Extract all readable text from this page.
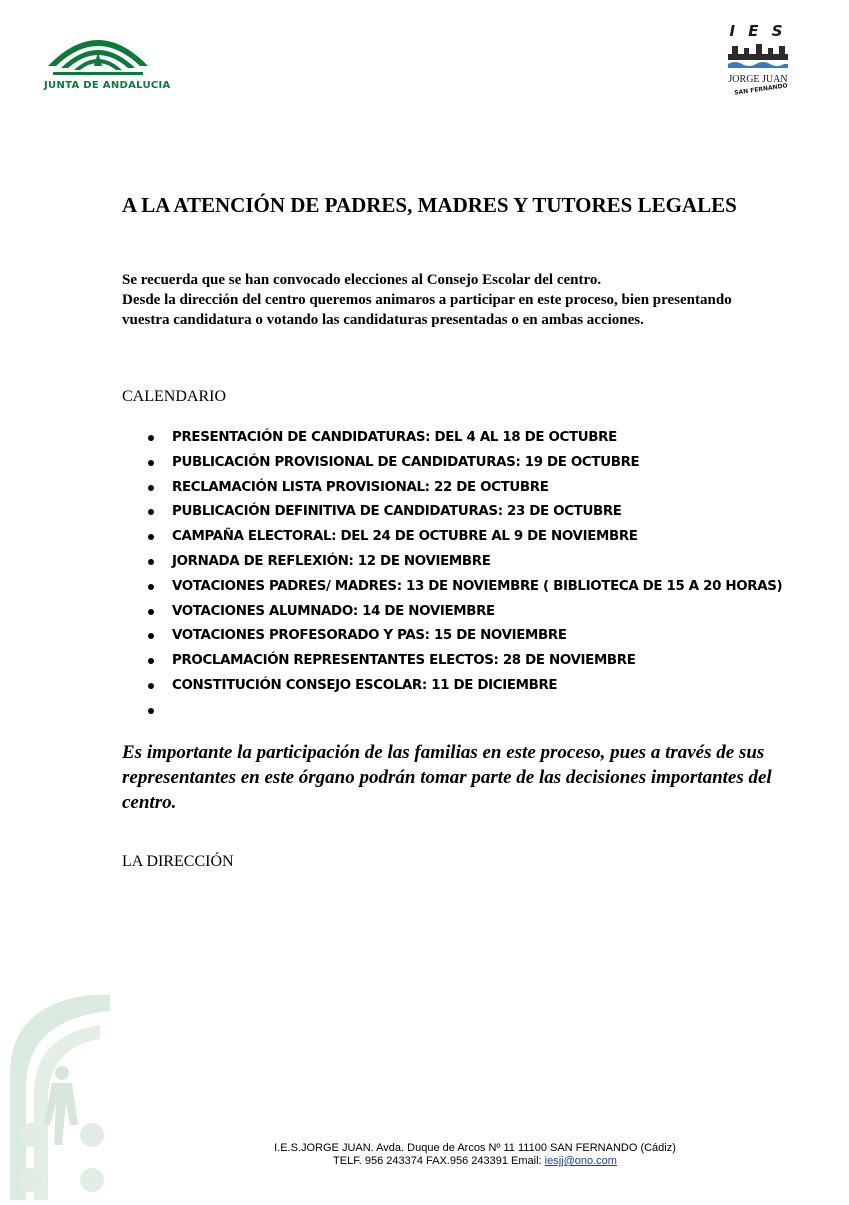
JUNTA DE ANDALUCIA
I E S
JORGE JUAN
SAN FERNANDO
A LA ATENCIÓN DE PADRES, MADRES Y TUTORES LEGALES

Se recuerda que se han convocado elecciones al Consejo Escolar del centro.

Desde la dirección del centro queremos animaros a participar en este proceso, bien presentando vuestra candidatura o votando las candidaturas presentadas o en ambas acciones.

CALENDARIO
PRESENTACIÓN DE CANDIDATURAS: DEL 4 AL 18 DE OCTUBRE
PUBLICACIÓN PROVISIONAL DE CANDIDATURAS: 19 DE OCTUBRE
RECLAMACIÓN LISTA PROVISIONAL: 22 DE OCTUBRE
PUBLICACIÓN DEFINITIVA DE CANDIDATURAS: 23 DE OCTUBRE
CAMPAÑA ELECTORAL: DEL 24 DE OCTUBRE AL 9 DE NOVIEMBRE
JORNADA DE REFLEXIÓN: 12 DE NOVIEMBRE
VOTACIONES PADRES/ MADRES: 13 DE NOVIEMBRE ( BIBLIOTECA DE 15 A 20 HORAS)
VOTACIONES ALUMNADO: 14 DE NOVIEMBRE
VOTACIONES PROFESORADO Y PAS: 15 DE NOVIEMBRE
PROCLAMACIÓN REPRESENTANTES ELECTOS: 28 DE NOVIEMBRE
CONSTITUCIÓN CONSEJO ESCOLAR: 11 DE DICIEMBRE
Es importante la participación de las familias en este proceso, pues a través de sus representantes en este órgano podrán tomar parte de las decisiones importantes del centro.
LA DIRECCIÓN
I.E.S.JORGE JUAN. Avda. Duque de Arcos Nº 11 11100 SAN FERNANDO (Cádiz)
TELF. 956 243374 FAX.956 243391 Email: iesjj@ono.com
